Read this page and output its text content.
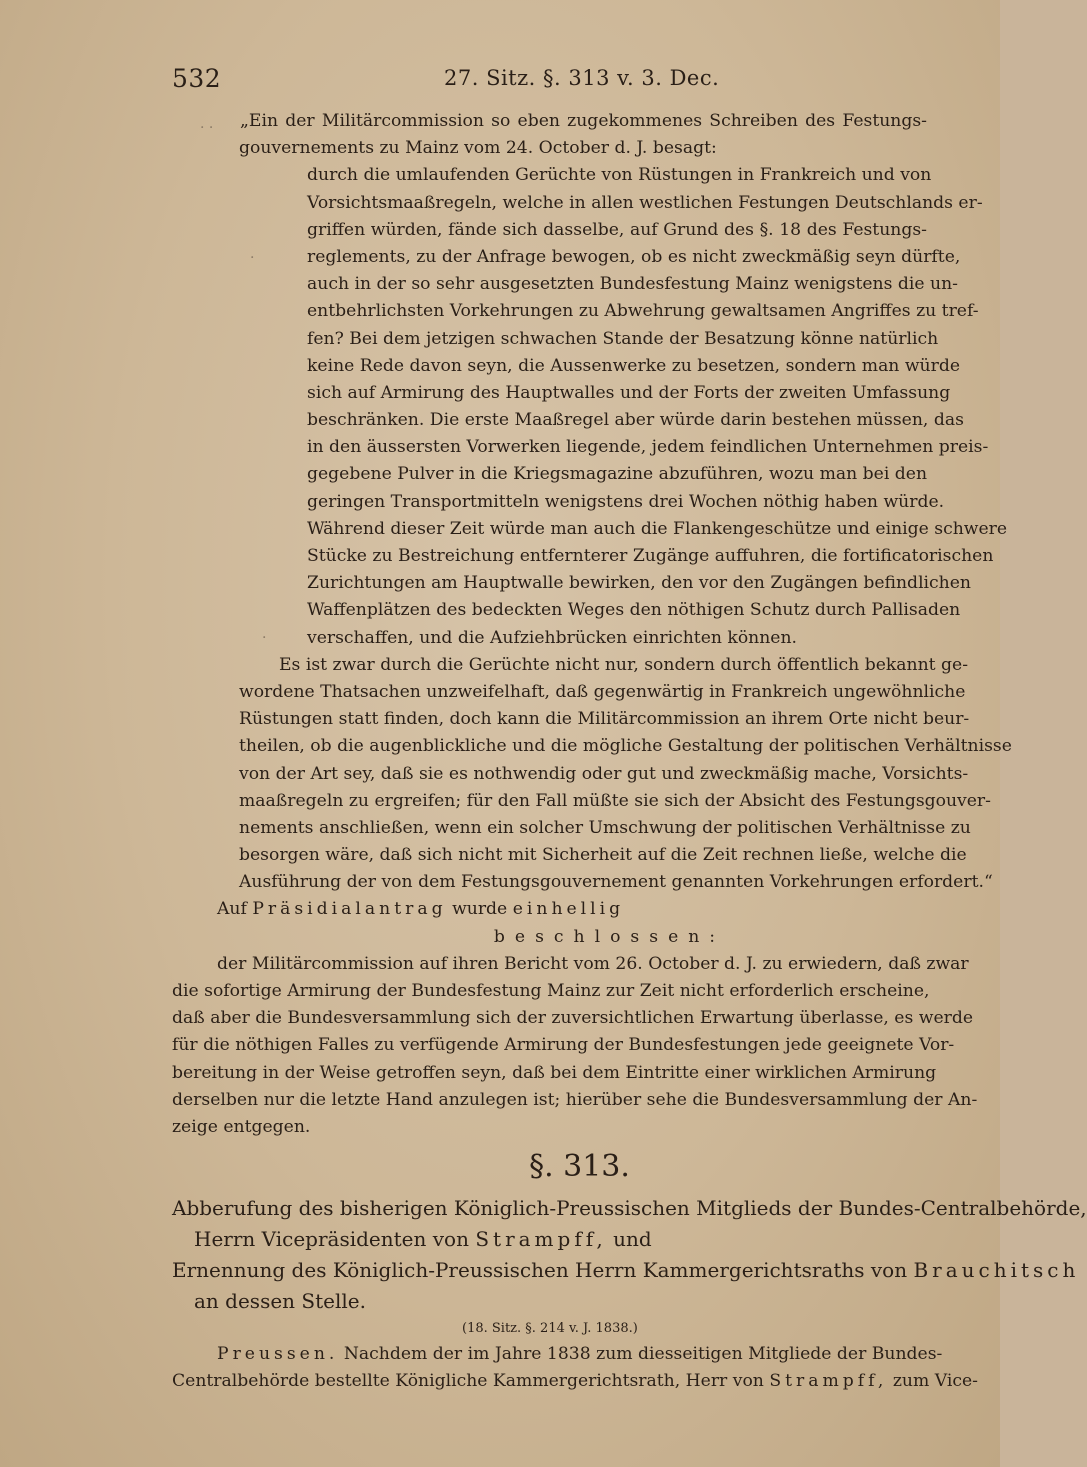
532	27. Sitz. §. 313 v. 3. Dec.
· ·
·
·
„Ein der Militärcommission so eben zugekommenes Schreiben des Festungs-
gouvernements zu Mainz vom 24. October d. J. besagt:
durch die umlaufenden Gerüchte von Rüstungen in Frankreich und von
Vorsichtsmaaßregeln, welche in allen westlichen Festungen Deutschlands er-
griffen würden, fände sich dasselbe, auf Grund des §. 18 des Festungs-
reglements, zu der Anfrage bewogen, ob es nicht zweckmäßig seyn dürfte,
auch in der so sehr ausgesetzten Bundesfestung Mainz wenigstens die un-
entbehrlichsten Vorkehrungen zu Abwehrung gewaltsamen Angriffes zu tref-
fen? Bei dem jetzigen schwachen Stande der Besatzung könne natürlich
keine Rede davon seyn, die Aussenwerke zu besetzen, sondern man würde
sich auf Armirung des Hauptwalles und der Forts der zweiten Umfassung
beschränken. Die erste Maaßregel aber würde darin bestehen müssen, das
in den äussersten Vorwerken liegende, jedem feindlichen Unternehmen preis-
gegebene Pulver in die Kriegsmagazine abzuführen, wozu man bei den
geringen Transportmitteln wenigstens drei Wochen nöthig haben würde.
Während dieser Zeit würde man auch die Flankengeschütze und einige schwere
Stücke zu Bestreichung entfernterer Zugänge auffuhren, die fortificatorischen
Zurichtungen am Hauptwalle bewirken, den vor den Zugängen befindlichen
Waffenplätzen des bedeckten Weges den nöthigen Schutz durch Pallisaden
verschaffen, und die Aufziehbrücken einrichten können.
Es ist zwar durch die Gerüchte nicht nur, sondern durch öffentlich bekannt ge-
wordene Thatsachen unzweifelhaft, daß gegenwärtig in Frankreich ungewöhnliche
Rüstungen statt finden, doch kann die Militärcommission an ihrem Orte nicht beur-
theilen, ob die augenblickliche und die mögliche Gestaltung der politischen Verhältnisse
von der Art sey, daß sie es nothwendig oder gut und zweckmäßig mache, Vorsichts-
maaßregeln zu ergreifen; für den Fall müßte sie sich der Absicht des Festungsgouver-
nements anschließen, wenn ein solcher Umschwung der politischen Verhältnisse zu
besorgen wäre, daß sich nicht mit Sicherheit auf die Zeit rechnen ließe, welche die
Ausführung der von dem Festungsgouvernement genannten Vorkehrungen erfordert.“
Auf Präsidialantrag wurde einhellig
beschlossen:
der Militärcommission auf ihren Bericht vom 26. October d. J. zu erwiedern, daß zwar
die sofortige Armirung der Bundesfestung Mainz zur Zeit nicht erforderlich erscheine,
daß aber die Bundesversammlung sich der zuversichtlichen Erwartung überlasse, es werde
für die nöthigen Falles zu verfügende Armirung der Bundesfestungen jede geeignete Vor-
bereitung in der Weise getroffen seyn, daß bei dem Eintritte einer wirklichen Armirung
derselben nur die letzte Hand anzulegen ist; hierüber sehe die Bundesversammlung der An-
zeige entgegen.
§. 313.
Abberufung des bisherigen Königlich-Preussischen Mitglieds der Bundes-Centralbehörde,
Herrn Vicepräsidenten von Strampff, und
Ernennung des Königlich-Preussischen Herrn Kammergerichtsraths von Brauchitsch
an dessen Stelle.
(18. Sitz. §. 214 v. J. 1838.)
Preussen. Nachdem der im Jahre 1838 zum diesseitigen Mitgliede der Bundes-
Centralbehörde bestellte Königliche Kammergerichtsrath, Herr von Strampff, zum Vice-
